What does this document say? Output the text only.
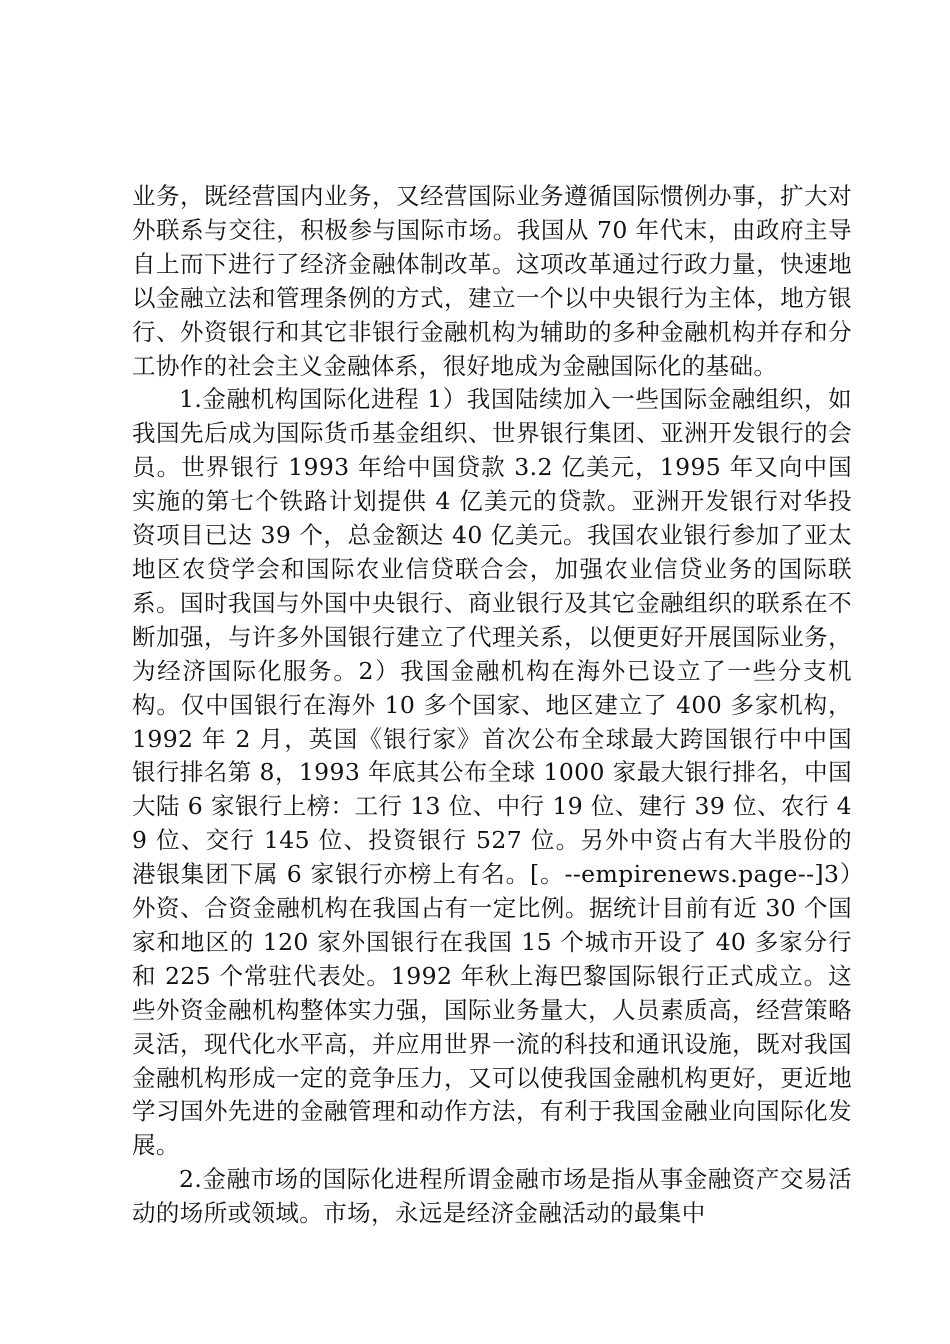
业务，既经营国内业务，又经营国际业务遵循国际惯例办事，扩大对外联系与交往，积极参与国际市场。我国从 70 年代末，由政府主导自上而下进行了经济金融体制改革。这项改革通过行政力量，快速地以金融立法和管理条例的方式，建立一个以中央银行为主体，地方银行、外资银行和其它非银行金融机构为辅助的多种金融机构并存和分工协作的社会主义金融体系，很好地成为金融国际化的基础。

1.金融机构国际化进程 1）我国陆续加入一些国际金融组织，如我国先后成为国际货币基金组织、世界银行集团、亚洲开发银行的会员。世界银行 1993 年给中国贷款 3.2 亿美元，1995 年又向中国实施的第七个铁路计划提供 4 亿美元的贷款。亚洲开发银行对华投资项目已达 39 个，总金额达 40 亿美元。我国农业银行参加了亚太地区农贷学会和国际农业信贷联合会，加强农业信贷业务的国际联系。国时我国与外国中央银行、商业银行及其它金融组织的联系在不断加强，与许多外国银行建立了代理关系，以便更好开展国际业务，为经济国际化服务。2）我国金融机构在海外已设立了一些分支机构。仅中国银行在海外 10 多个国家、地区建立了 400 多家机构，1992 年 2 月，英国《银行家》首次公布全球最大跨国银行中中国银行排名第 8，1993 年底其公布全球 1000 家最大银行排名，中国大陆 6 家银行上榜：工行 13 位、中行 19 位、建行 39 位、农行 49 位、交行 145 位、投资银行 527 位。另外中资占有大半股份的港银集团下属 6 家银行亦榜上有名。[。--empirenews.page--]3）外资、合资金融机构在我国占有一定比例。据统计目前有近 30 个国家和地区的 120 家外国银行在我国 15 个城市开设了 40 多家分行和 225 个常驻代表处。1992 年秋上海巴黎国际银行正式成立。这些外资金融机构整体实力强，国际业务量大，人员素质高，经营策略灵活，现代化水平高，并应用世界一流的科技和通讯设施，既对我国金融机构形成一定的竞争压力，又可以使我国金融机构更好，更近地学习国外先进的金融管理和动作方法，有利于我国金融业向国际化发展。

2.金融市场的国际化进程所谓金融市场是指从事金融资产交易活动的场所或领域。市场，永远是经济金融活动的最集中
